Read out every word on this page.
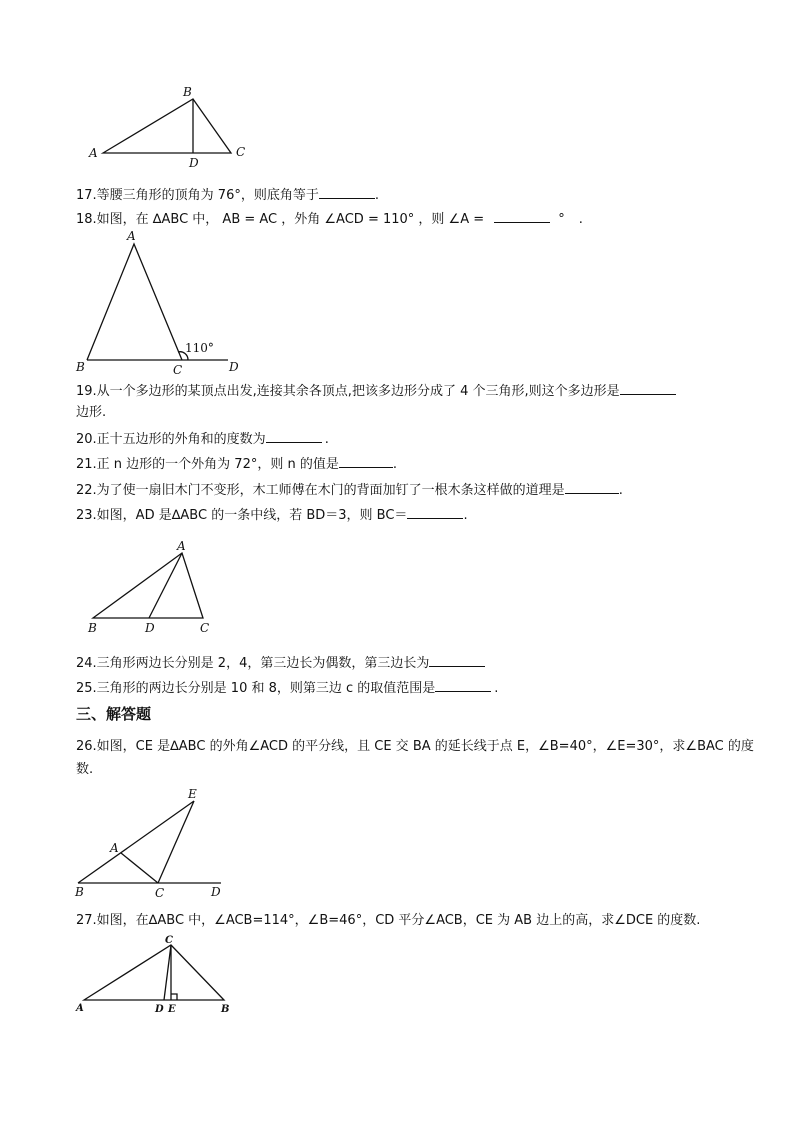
A
B
C
D
17.等腰三角形的顶角为 76°，则底角等于	.
18.如图，在 ∆ABC 中， AB = AC ，外角 ∠ACD = 110° ，则 ∠A =	° .
A
B	C	D
110°
19.从一个多边形的某顶点出发,连接其余各顶点,把该多边形分成了 4 个三角形,则这个多边形是
边形.
20.正十五边形的外角和的度数为	.
21.正 n 边形的一个外角为 72°，则 n 的值是	.
22.为了使一扇旧木门不变形，木工师傅在木门的背面加钉了一根木条这样做的道理是	.
23.如图，AD 是∆ABC 的一条中线，若 BD＝3，则 BC＝	.
A
B	D	C
24.三角形两边长分别是 2，4，第三边长为偶数，第三边长为
25.三角形的两边长分别是 10 和 8，则第三边 c 的取值范围是	.
三、解答题
26.如图，CE 是∆ABC 的外角∠ACD 的平分线，且 CE 交 BA 的延长线于点 E，∠B=40°，∠E=30°，求∠BAC 的度
数.
E
A
B	C	D
27.如图，在∆ABC 中，∠ACB=114°，∠B=46°，CD 平分∠ACB，CE 为 AB 边上的高，求∠DCE 的度数.
C
A	D E	B
